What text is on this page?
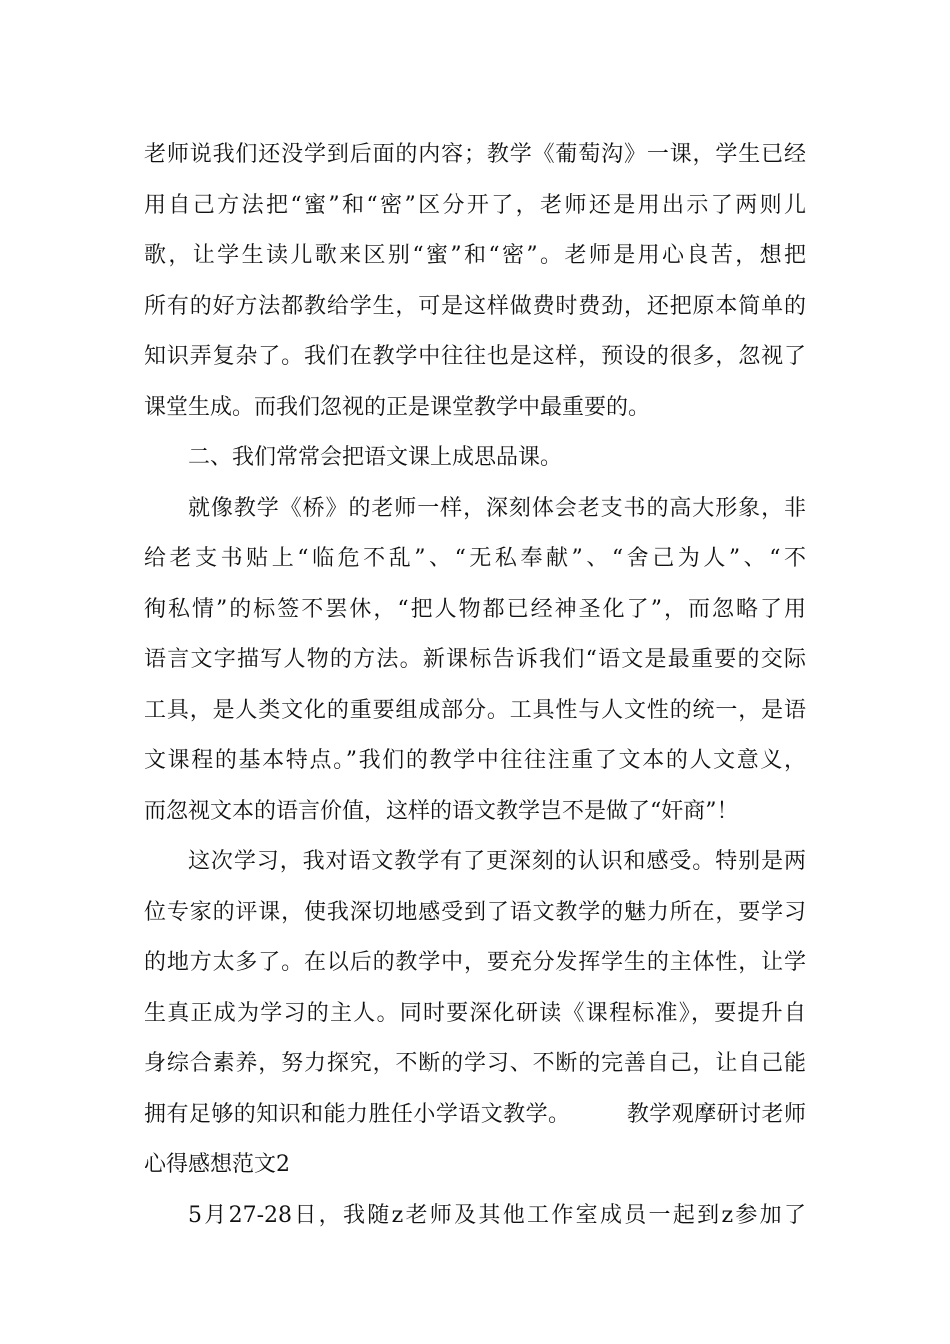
老师说我们还没学到后面的内容；教学《葡萄沟》一课，学生已经
用自己方法把“蜜”和“密”区分开了，老师还是用出示了两则儿
歌，让学生读儿歌来区别“蜜”和“密”。老师是用心良苦，想把
所有的好方法都教给学生，可是这样做费时费劲，还把原本简单的
知识弄复杂了。我们在教学中往往也是这样，预设的很多，忽视了
课堂生成。而我们忽视的正是课堂教学中最重要的。
二、我们常常会把语文课上成思品课。
就像教学《桥》的老师一样，深刻体会老支书的高大形象，非
给老支书贴上“临危不乱”、“无私奉献”、“舍己为人”、“不
徇私情”的标签不罢休，“把人物都已经神圣化了”，而忽略了用
语言文字描写人物的方法。新课标告诉我们“语文是最重要的交际
工具，是人类文化的重要组成部分。工具性与人文性的统一，是语
文课程的基本特点。”我们的教学中往往注重了文本的人文意义，
而忽视文本的语言价值，这样的语文教学岂不是做了“奸商”！
这次学习，我对语文教学有了更深刻的认识和感受。特别是两
位专家的评课，使我深切地感受到了语文教学的魅力所在，要学习
的地方太多了。在以后的教学中，要充分发挥学生的主体性，让学
生真正成为学习的主人。同时要深化研读《课程标准》，要提升自
身综合素养，努力探究，不断的学习、不断的完善自己，让自己能
拥有足够的知识和能力胜任小学语文教学。　　　教学观摩研讨老师
心得感想范文2
5月27-28日，我随z老师及其他工作室成员一起到z参加了
